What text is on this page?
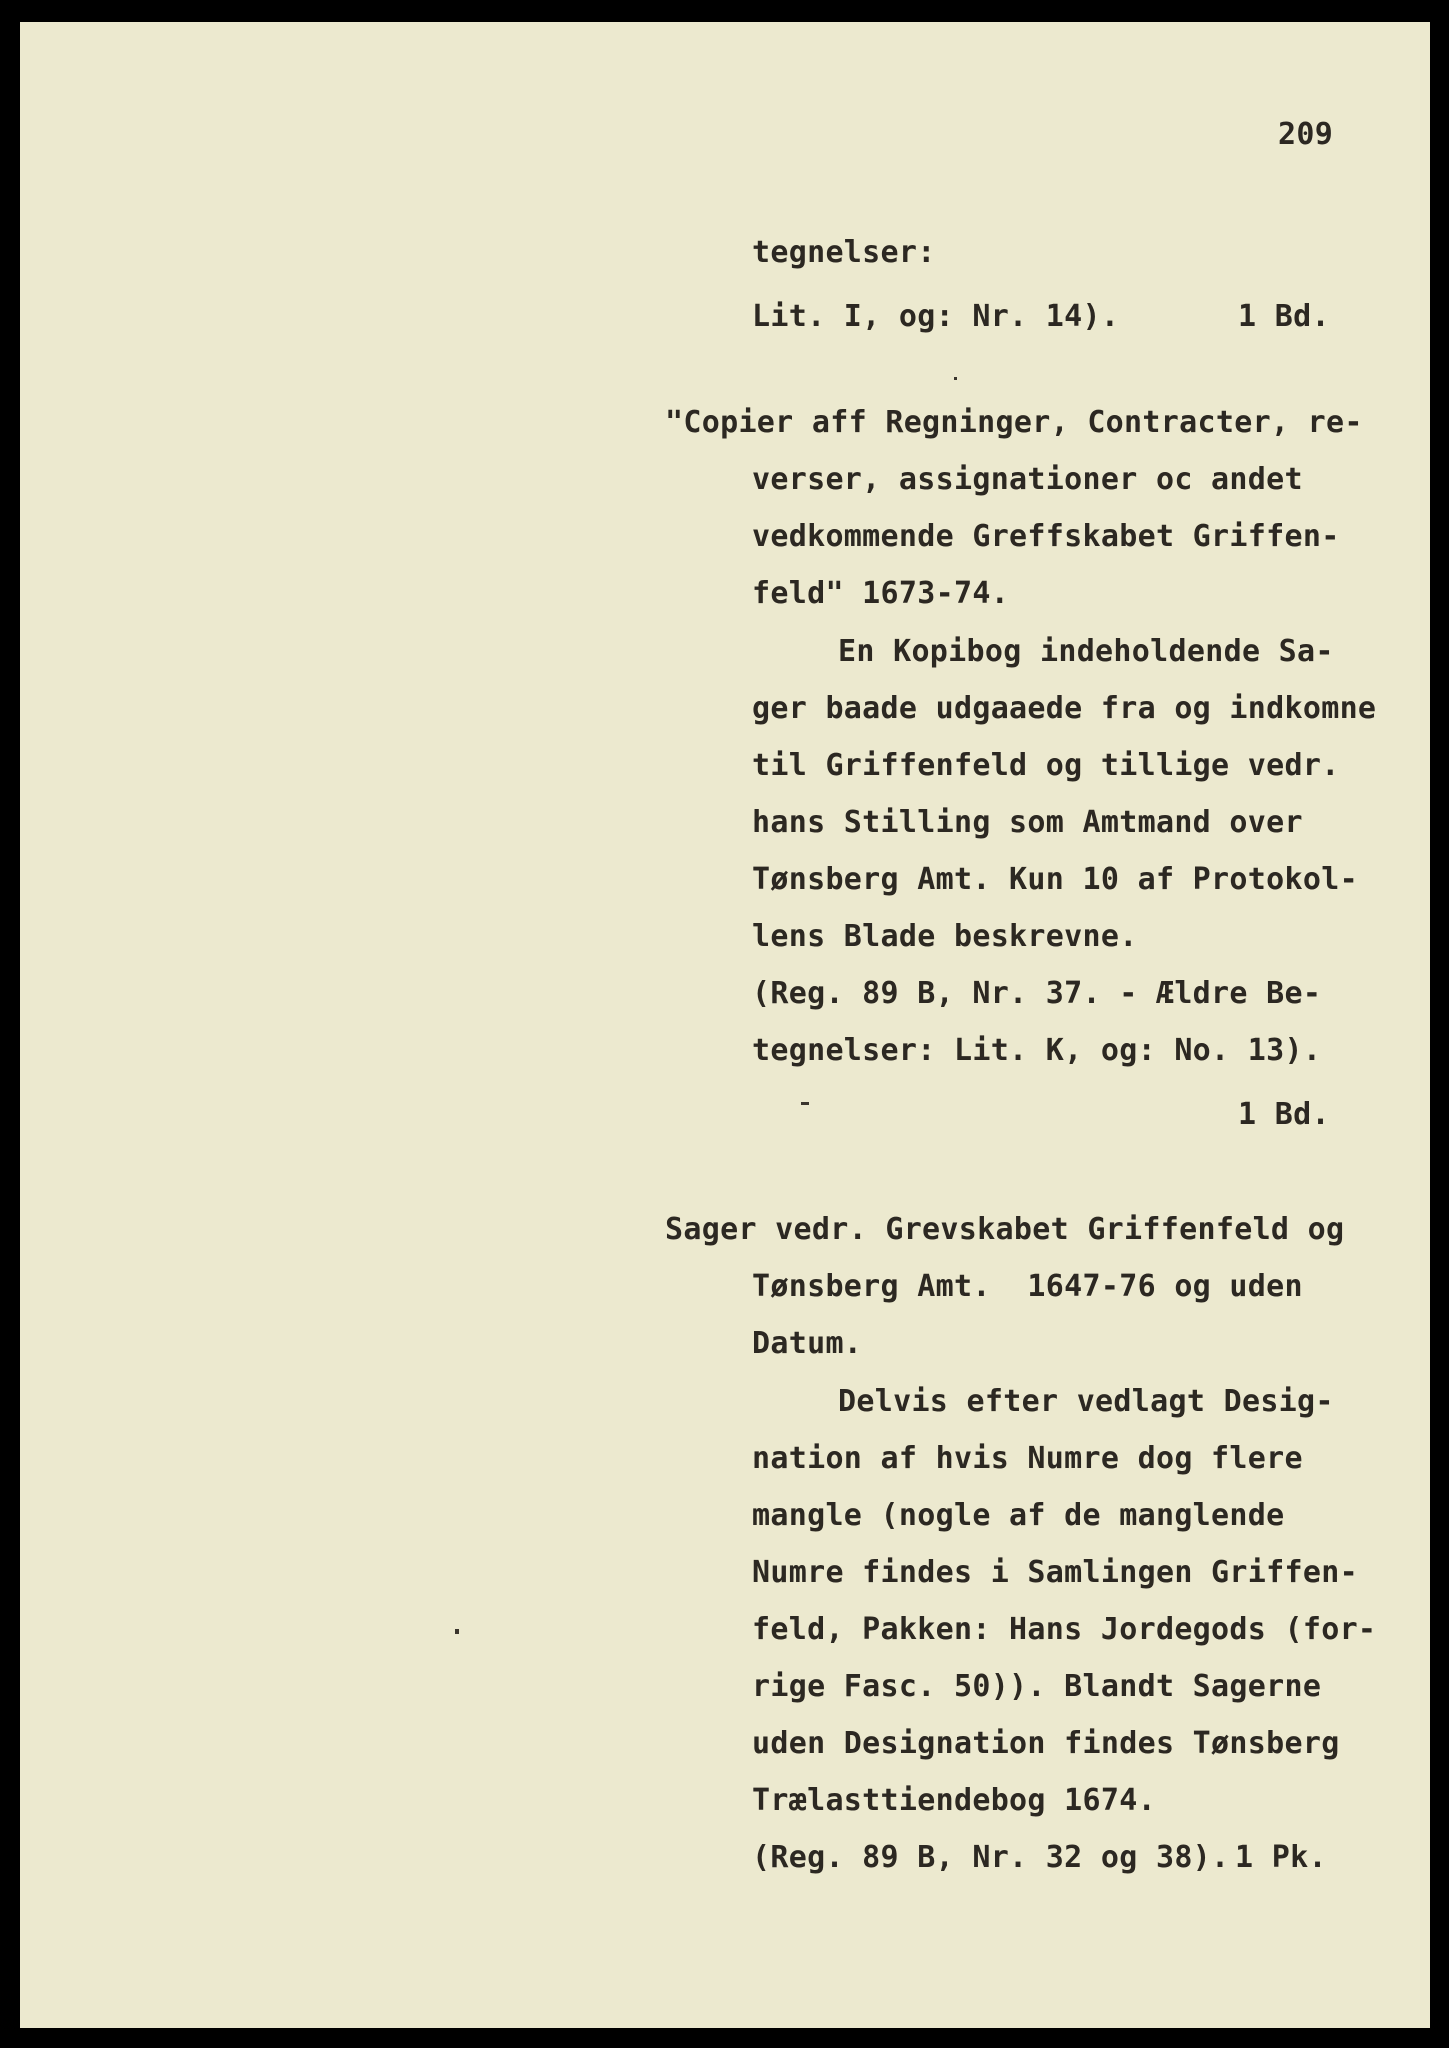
209
tegnelser:
Lit. I, og: Nr. 14).	1 Bd.
"Copier aff Regninger, Contracter, re-
verser, assignationer oc andet
vedkommende Greffskabet Griffen-
feld" 1673-74.
En Kopibog indeholdende Sa-
ger baade udgaaede fra og indkomne
til Griffenfeld og tillige vedr.
hans Stilling som Amtmand over
Tønsberg Amt. Kun 10 af Protokol-
lens Blade beskrevne.
(Reg. 89 B, Nr. 37. - Ældre Be-
tegnelser: Lit. K, og: No. 13).
1 Bd.
Sager vedr. Grevskabet Griffenfeld og
Tønsberg Amt.  1647-76 og uden
Datum.
Delvis efter vedlagt Desig-
nation af hvis Numre dog flere
mangle (nogle af de manglende
Numre findes i Samlingen Griffen-
feld, Pakken: Hans Jordegods (for-
rige Fasc. 50)). Blandt Sagerne
uden Designation findes Tønsberg
Trælasttiendebog 1674.
(Reg. 89 B, Nr. 32 og 38). 1 Pk.
